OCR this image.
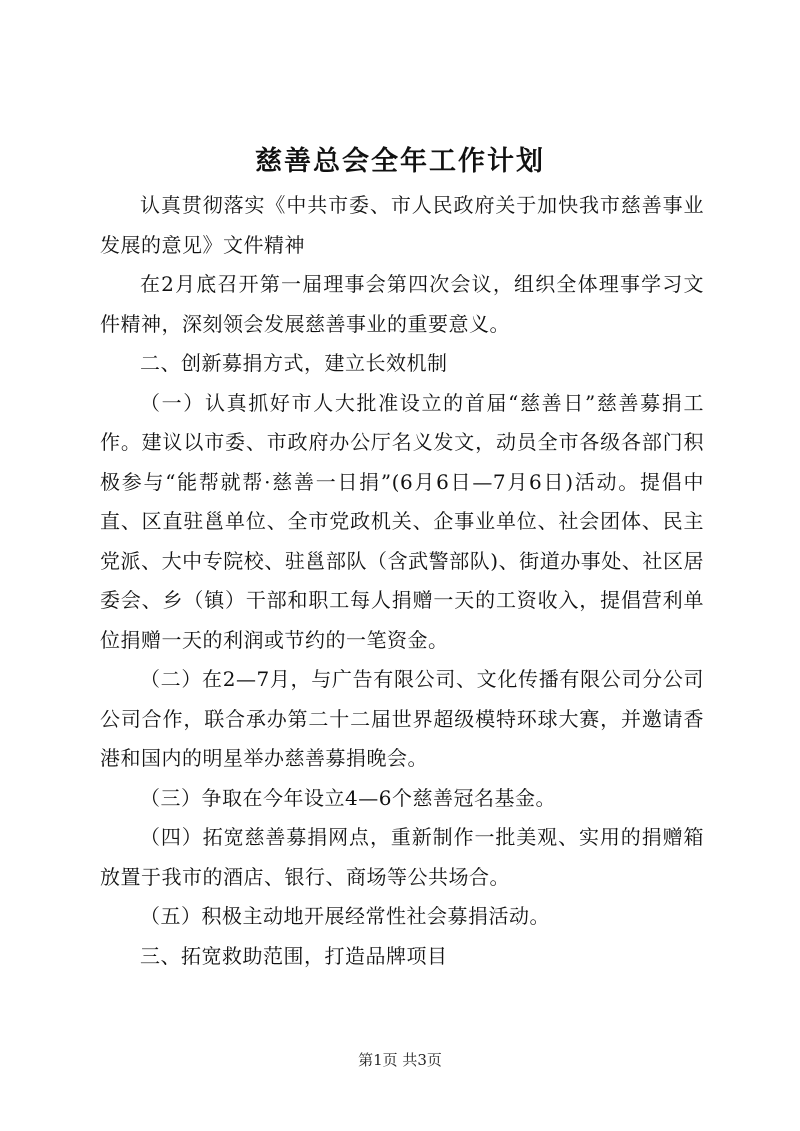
慈善总会全年工作计划

认真贯彻落实《中共市委、市人民政府关于加快我市慈善事业发展的意见》文件精神

在2月底召开第一届理事会第四次会议，组织全体理事学习文件精神，深刻领会发展慈善事业的重要意义。

二、创新募捐方式，建立长效机制

（一）认真抓好市人大批准设立的首届“慈善日”慈善募捐工作。建议以市委、市政府办公厅名义发文，动员全市各级各部门积极参与“能帮就帮·慈善一日捐”(6月6日—7月6日)活动。提倡中直、区直驻邕单位、全市党政机关、企事业单位、社会团体、民主党派、大中专院校、驻邕部队（含武警部队)、街道办事处、社区居委会、乡（镇）干部和职工每人捐赠一天的工资收入，提倡营利单位捐赠一天的利润或节约的一笔资金。

（二）在2—7月，与广告有限公司、文化传播有限公司分公司公司合作，联合承办第二十二届世界超级模特环球大赛，并邀请香港和国内的明星举办慈善募捐晚会。

（三）争取在今年设立4—6个慈善冠名基金。

（四）拓宽慈善募捐网点，重新制作一批美观、实用的捐赠箱放置于我市的酒店、银行、商场等公共场合。

（五）积极主动地开展经常性社会募捐活动。

三、拓宽救助范围，打造品牌项目

第1页 共3页
